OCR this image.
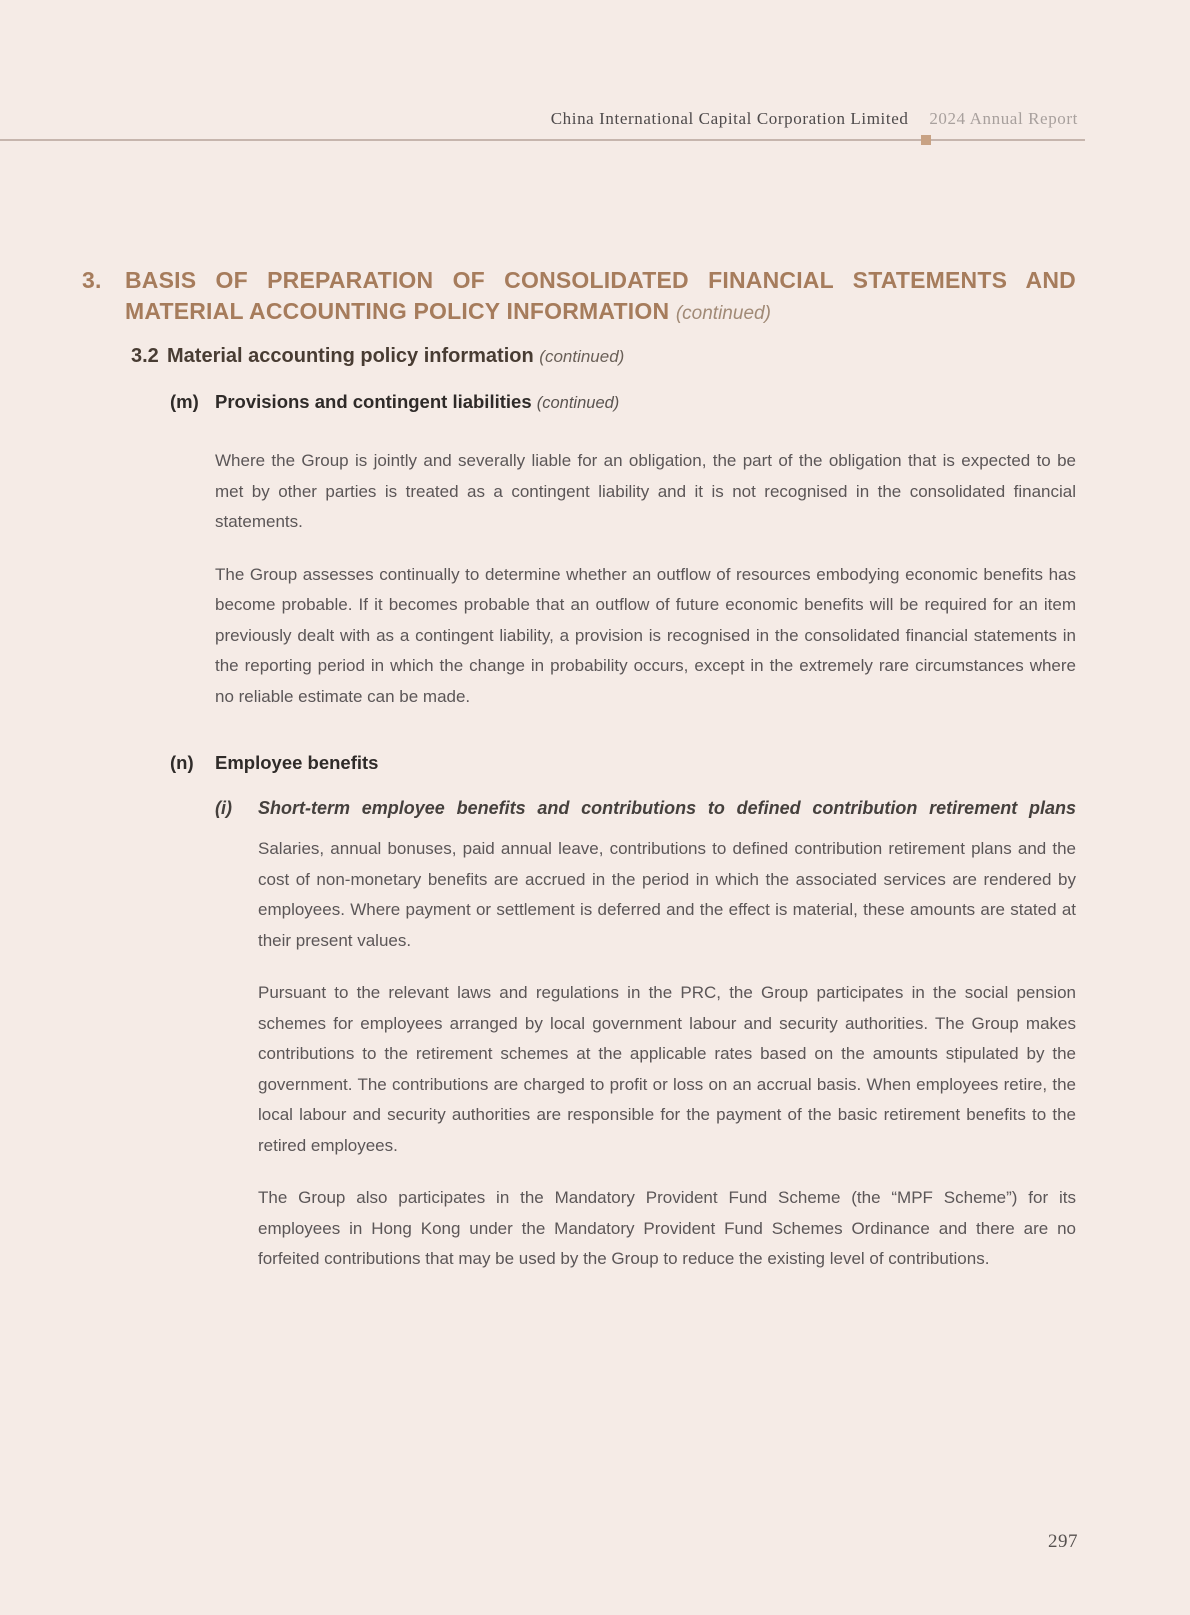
China International Capital Corporation Limited 2024 Annual Report
3.	BASIS OF PREPARATION OF CONSOLIDATED FINANCIAL STATEMENTS AND
MATERIAL ACCOUNTING POLICY INFORMATION (continued)
3.2 Material accounting policy information (continued)
(m) Provisions and contingent liabilities (continued)

Where the Group is jointly and severally liable for an obligation, the part of the obligation that is expected to be met by other parties is treated as a contingent liability and it is not recognised in the consolidated financial statements.

The Group assesses continually to determine whether an outflow of resources embodying economic benefits has become probable. If it becomes probable that an outflow of future economic benefits will be required for an item previously dealt with as a contingent liability, a provision is recognised in the consolidated financial statements in the reporting period in which the change in probability occurs, except in the extremely rare circumstances where no reliable estimate can be made.

(n)	Employee benefits
(i)	Short-term employee benefits and contributions to defined contribution retirement plans

Salaries, annual bonuses, paid annual leave, contributions to defined contribution retirement plans and the cost of non-monetary benefits are accrued in the period in which the associated services are rendered by employees. Where payment or settlement is deferred and the effect is material, these amounts are stated at their present values.

Pursuant to the relevant laws and regulations in the PRC, the Group participates in the social pension schemes for employees arranged by local government labour and security authorities. The Group makes contributions to the retirement schemes at the applicable rates based on the amounts stipulated by the government. The contributions are charged to profit or loss on an accrual basis. When employees retire, the local labour and security authorities are responsible for the payment of the basic retirement benefits to the retired employees.

The Group also participates in the Mandatory Provident Fund Scheme (the “MPF Scheme”) for its employees in Hong Kong under the Mandatory Provident Fund Schemes Ordinance and there are no forfeited contributions that may be used by the Group to reduce the existing level of contributions.

297
